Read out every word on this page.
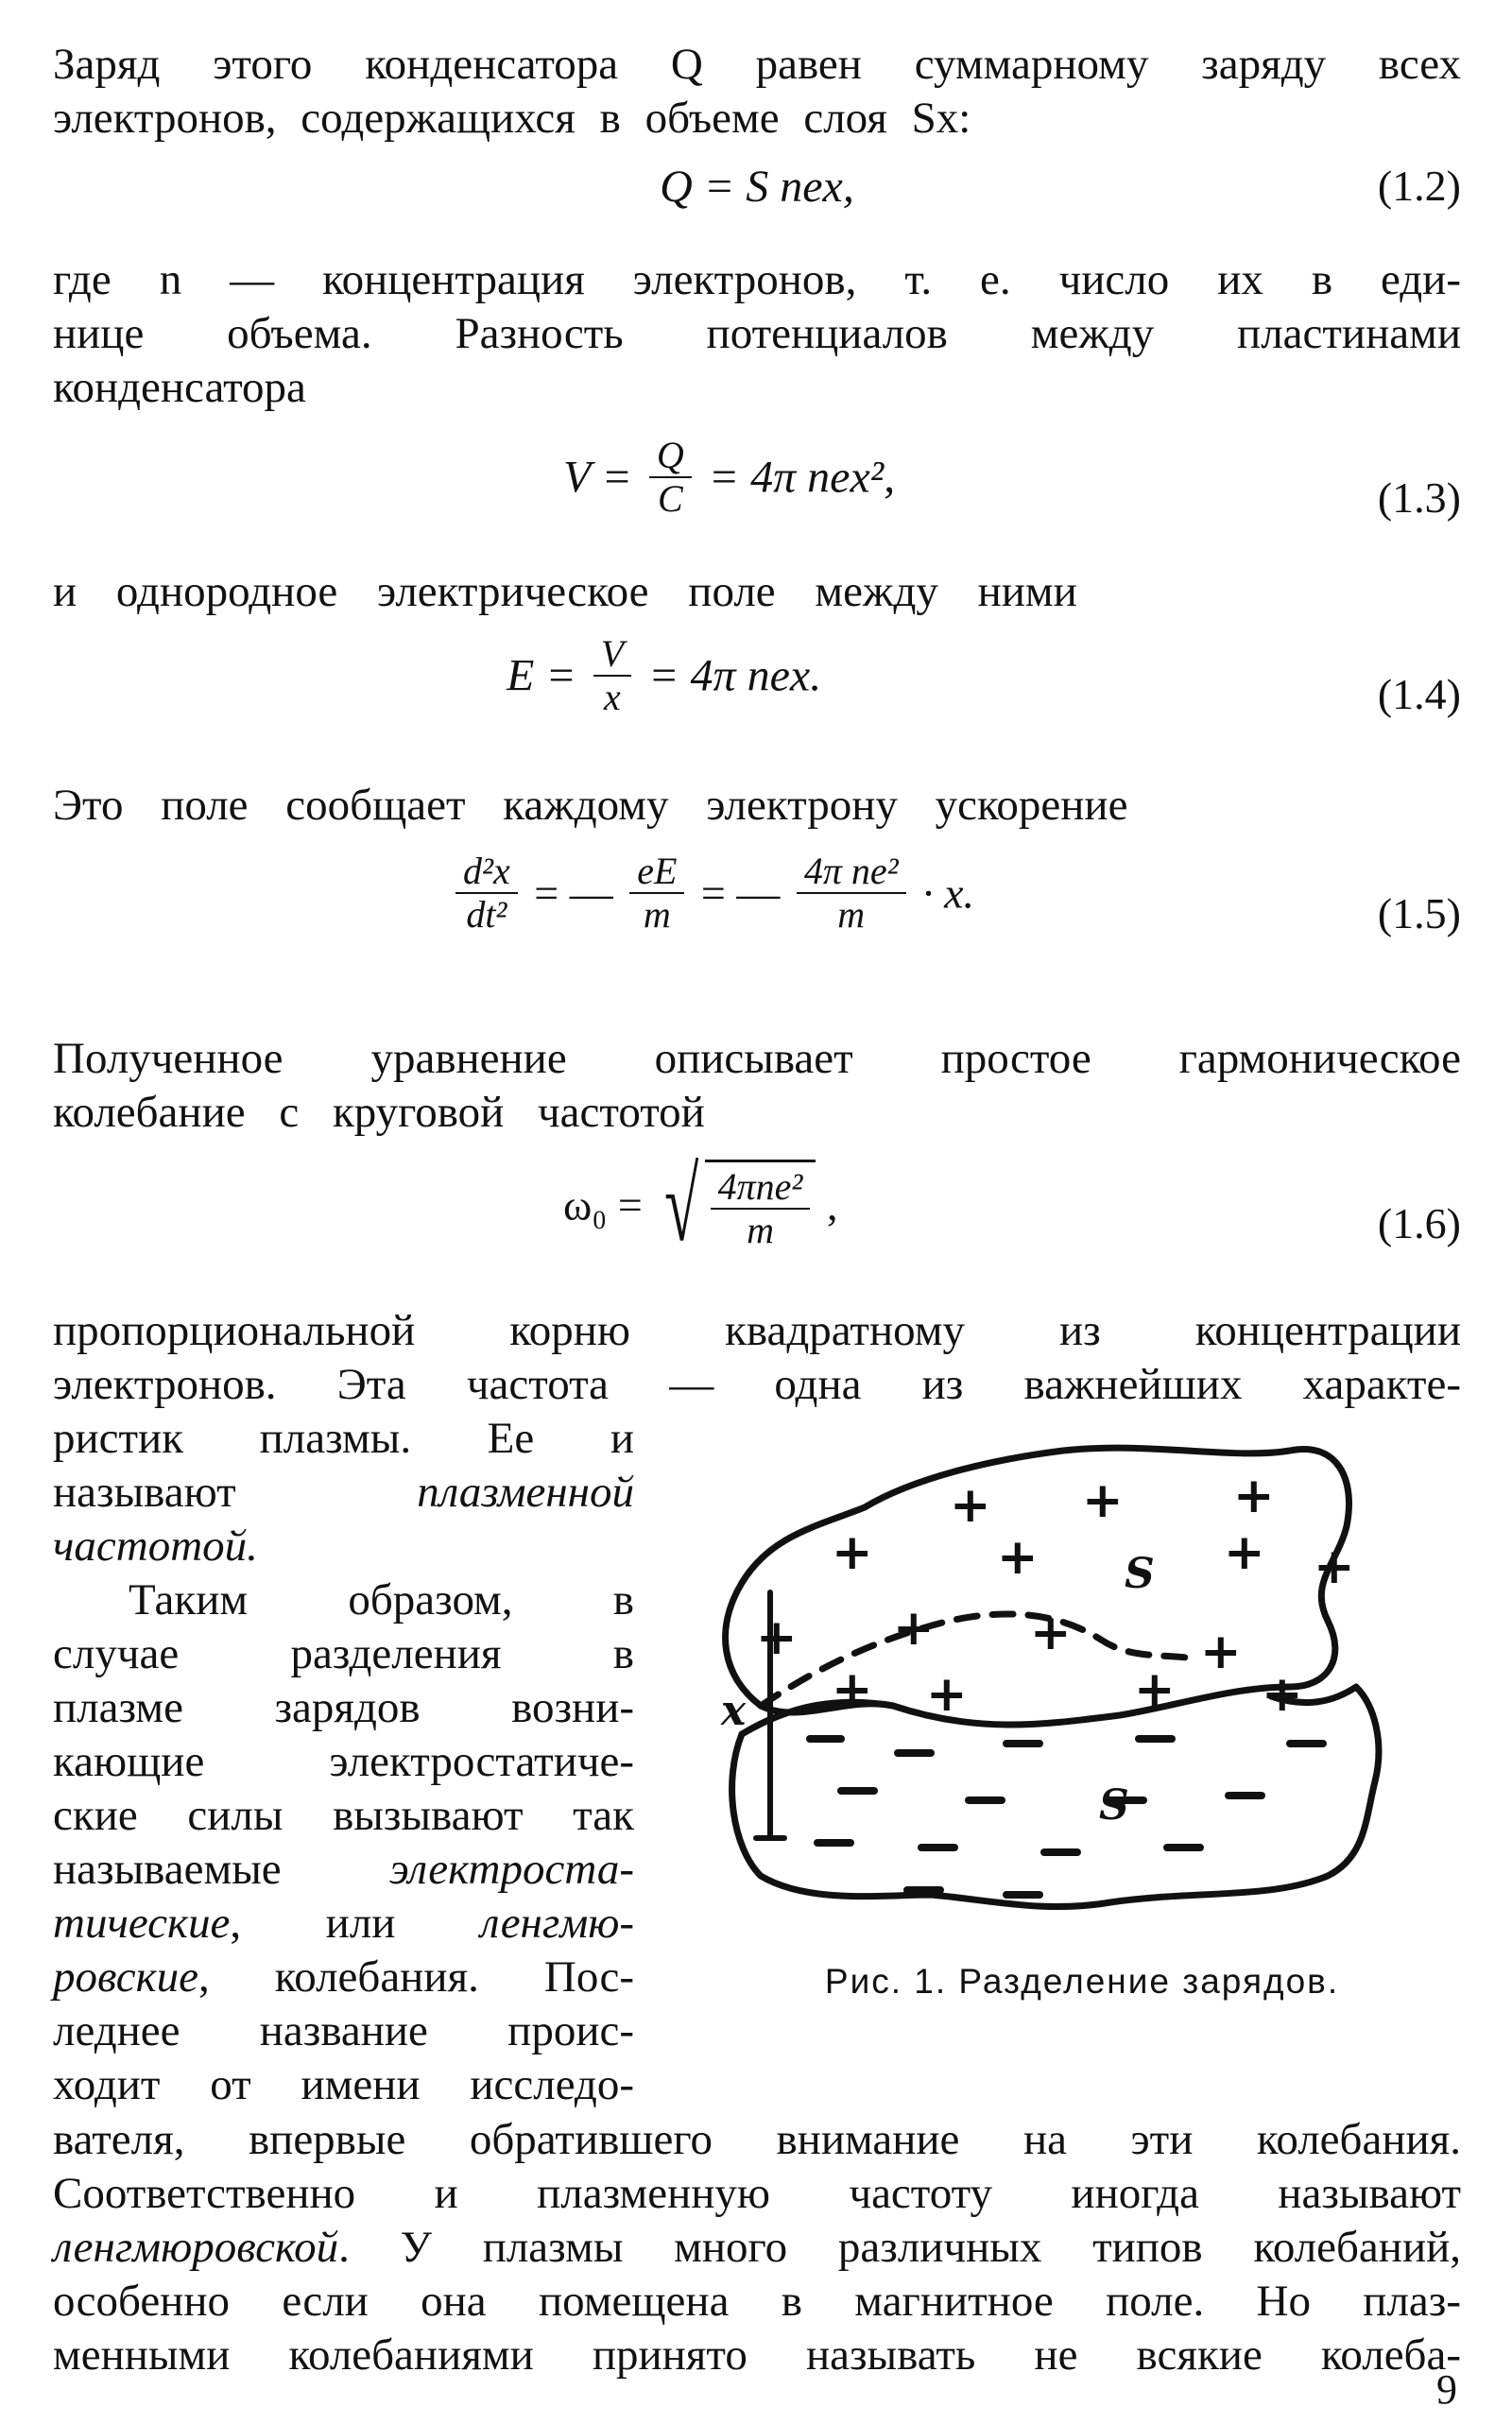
Заряд этого конденсатора Q равен суммарному заряду всех

электронов, содержащихся в объеме слоя Sx:

Q = S nex,	(1.2)

где n — концентрация электронов, т. е. число их в еди-

нице объема. Разность потенциалов между пластинами

конденсатора

$V = \frac{Q}{C} = 4\pi$ nex²,	(1.3)

и однородное электрическое поле между ними

$E = \frac{V}{x} = 4\pi$ nex.	(1.4)

Это поле сообщает каждому электрону ускорение

$\frac{\text{d²x}}{\text{dt²}}$ = — $\frac{eE}{m}$ = — $\frac{\text{4π ne²}}{m} \cdot x$.	(1.5)

Полученное уравнение описывает простое гармоническое

колебание с круговой частотой

ω₀ = √ $\frac{\text{4πne²}}{m}$ ,	(1.6)

пропорциональной корню квадратному из концентрации

электронов. Эта частота — одна из важнейших характе-

ристик плазмы. Ее и

называют плазменной

частотой.

Таким образом, в

случае разделения в

плазме зарядов возни-

кающие электростатиче-

ские силы вызывают так

называемые электроста-

тические, или ленгмю-

ровские, колебания. Пос-

леднее название проис-

ходит от имени исследо-

вателя, впервые обратившего внимание на эти колебания.

Соответственно и плазменную частоту иногда называют

ленгмюровской. У плазмы много различных типов колебаний,

особенно если она помещена в магнитное поле. Но плаз-

менными колебаниями принято называть не всякие колеба-

+ + +
+	+	+ +
+ + +	+
+ +	+ +
x
S
S
Рис. 1. Разделение зарядов.
9
